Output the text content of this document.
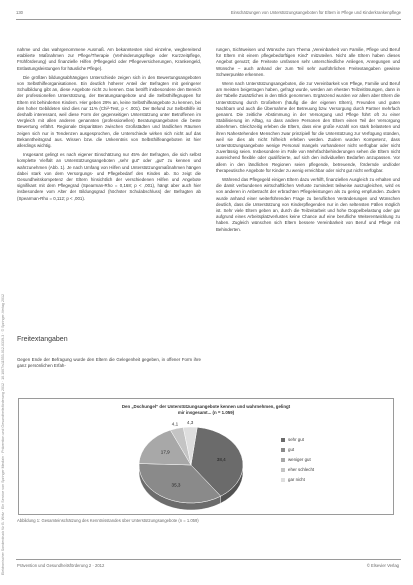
Elektronischer Sonderdruck für B. Wirtz · Ein Service von Springer Medizin · Prävention und Gesundheitsförderung 2012 · 10.1007/s11553-012-0339-3 · © Springer-Verlag 2012
130	Einschätzungen von Unterstützungsangeboten für Eltern in Pflege und Kinderkrankenpflege

nahme und das wahrgenommene Ausmaß. Am bekanntesten sind einzelne, wegbereitend etablierte Maßnahmen zur Pflege/Therapie (Verhinderungspflege oder Kurzzeitpflege, Frühförderung) und finanzielle Hilfen (Pflegegeld oder Pflegeversicherungen, Krankengeld, Entlastungsleistungen für häusliche Pflege).

Die größten bildungsabhängigen Unterschiede zeigen sich in den Bewertungsangeboten von Selbsthilfeorganisationen. Ein deutlich höherer Anteil der Befragten mit geringerer Schulbildung gibt an, diese Angebote nicht zu kennen. Das betrifft insbesondere den Bereich der professionellen Unterstützung, der Beratungsangebote und die Selbsthilfegruppen für Eltern mit behinderten Kindern. Hier geben 29% an, keine Selbsthilfeangebote zu kennen, bei den hoher Gebildeten sind dies nur 11% (Chi²-Test, p < .001). Der Befund zur Selbsthilfe ist deshalb interessant, weil diese Form der gegenseitigen Unterstützung unter Betroffenen im Vergleich mit allen anderen genannten (professionellen) Beratungsangeboten die beste Bewertung erfährt. Regionale Disparitäten zwischen Großstädten und ländlichen Räumen zeigen sich nur in Tendenzen ausgesprochen, die Unterschiede wirken sich nicht auf das Bekanntheitsgrad aus. Wissen bzw. die Unkenntnis von Selbsthilfeangeboten ist hier allerdings wichtig.

Insgesamt gelingt es nach eigener Einschätzung nur 45% der Befragten, die sich selbst komplette Vielfalt an Unterstützungsangeboten „sehr gut“ oder „gut“ zu kennen und wahrzunehmen (Abb. 1). Je nach Umfang von Hilfen und Unterstützungsmaßnahmen hängen dabei stark von dem Versorgungs- und Pflegebedarf des Kindes ab. So zeigt die Gesundheitskompetenz der Eltern hinsichtlich der verschiedenen Hilfen und Angebote signifikant mit dem Pflegegrad (Spearman-Rho = 0,168; p < ,001), hängt aber auch hier insbesondere vom Alter der Bildungsgrad (höchster Schulabschluss) der Befragten ab (Spearman-Rho = 0,112; p < ,001).

Freitextangaben

Gegen Ende der Befragung wurde den Eltern die Gelegenheit gegeben, in offener Form ihre ganz persönlichen Erfah-

rungen, Sichtweisen und Wünsche zum Thema „Vereinbarkeit von Familie, Pflege und Beruf für Eltern mit einem pflegebedürftigen Kind“ mitzuteilen. Nicht alle Eltern haben dieses Angebot genutzt; die Freitexte umfassen sehr unterschiedliche Anliegen, Anregungen und Wünsche – auch anhand der zum Teil sehr ausführlichen Freitextangaben gewisse Schwerpunkte erkennen.

Wenn nach Unterstützungsangeboten, die zur Vereinbarkeit von Pflege, Familie und Beruf am meisten beigetragen haben, gefragt wurde, werden am ehesten Teilzeitlösungen, dann in der Tabelle Zusätzliches in den Blick genommen. Ergänzend wurden vor allem aber Eltern die Unterstützung durch Großeltern (häufig die der eigenen Eltern), Freunden und guten Nachbarn und auch die Übernahme der Betreuung bzw. Versorgung durch Partner mehrfach genannt. Die zeitliche Abstimmung in der Versorgung und Pflege führt oft zu einer Stabilisierung im Alltag, so dass andere Personen den Eltern einen Teil der Versorgung abnehmen. Gleichzeitig erleben die Eltern, dass eine große Anzahl von stark belasteten und ihren Nahestehenden Menschen zwar prinzipiell für die Unterstützung zur Verfügung stünden, weil sie dies als nicht hilfreich erleben werden. Zudem wurden Kompetenz, dass Unterstützungsangebote wenige Personal mangels vorhandener nicht verfügbar oder nicht zuverlässig seien. Insbesondere im Falle von Mehrfachbehinderungen sehen die Eltern nicht ausreichend flexible oder qualifizierte, auf sich den individuellen Bedarfen anzupassen. Vor allem in den ländlichen Regionen seien pflegende, betreuende, fördernde und/oder therapeutische Angebote für Kinder zu wenig erreichbar oder nicht gut nicht verfügbar.

Während das Pflegegeld einigen Eltern dazu verhilft, finanziellen Ausgleich zu erhalten und die damit verbundenen wirtschaftlichen Verluste zumindest teilweise auszugleichen, wird es von anderen in Anbetracht der erbrachten Pflegeleistungen als zu gering empfunden. Zudem wurde anhand einer weiterführenden Frage zu beruflichen Veränderungen und Wünschen deutlich, dass die Unterstützung von Kinderpflegenden nur in den seltensten Fällen möglich ist. Sehr viele Eltern geben an, durch die Teilzeitarbeit und hohe Doppelbelastung oder gar aufgrund eines Arbeitsplatzverlustes keine Chance auf eine berufliche Weiterentwicklung zu haben. Zugleich wünschen sich Eltern bessere Vereinbarkeit von Beruf und Pflege mit Behinderten.

Den „Dschungel“ der Unterstützungsangebote kennen und wahrnehmen, gelingt
mir insgesamt... (n = 1.059)
38,4
35,3
17,9
4,1 4,3
sehr gut
gut
weniger gut
eher schlecht
gar nicht
Abbildung 1: Gesamteinschätzung des Kenntnisstandes über Unterstützungsangebote (n = 1.059)
Prävention und Gesundheitsförderung 2 · 2012	© Elsevier Verlag
